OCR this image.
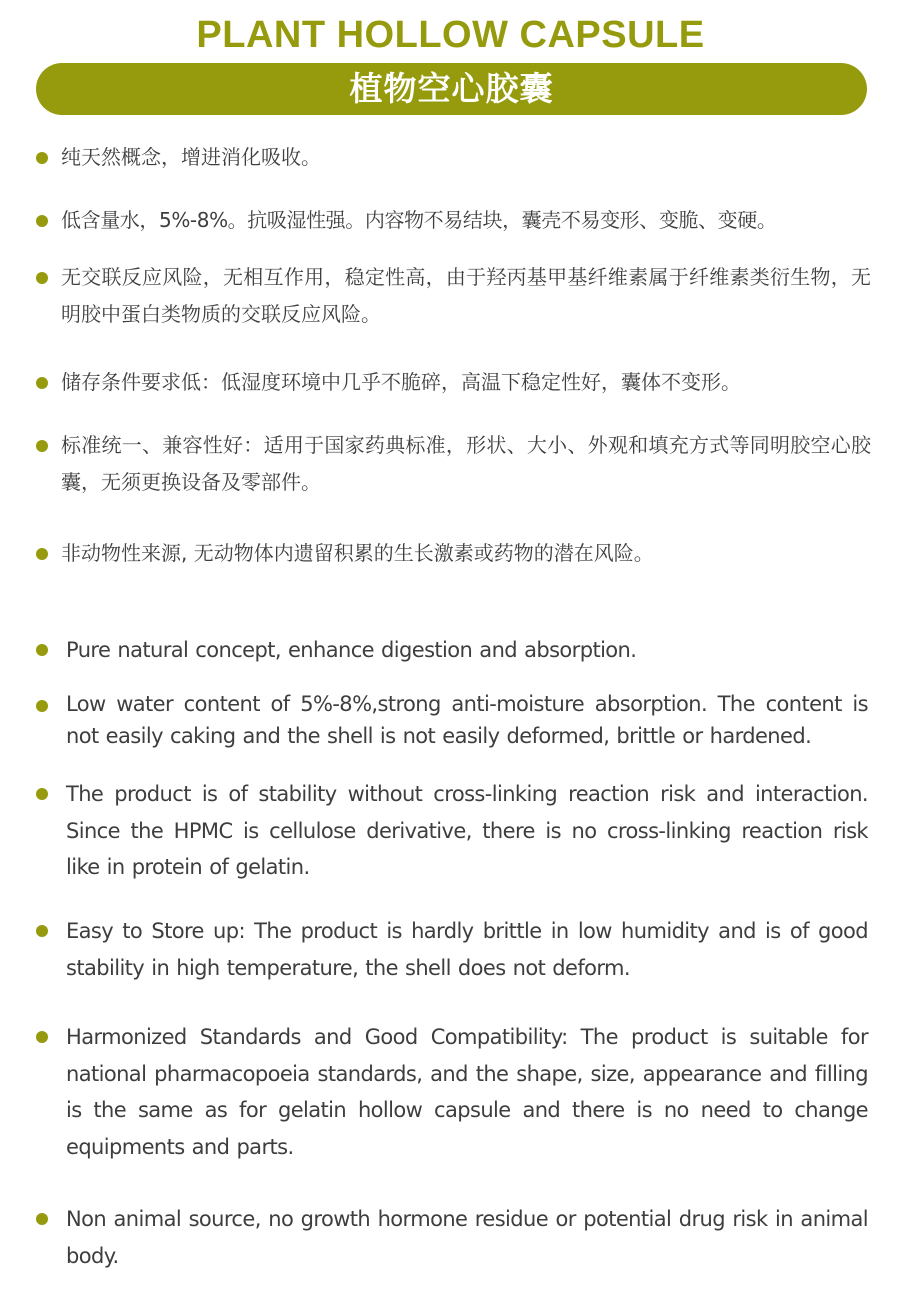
PLANT HOLLOW CAPSULE
植物空心胶囊
纯天然概念，增进消化吸收。
低含量水，5%-8%。抗吸湿性强。内容物不易结块，囊壳不易变形、变脆、变硬。
无交联反应风险，无相互作用，稳定性高，由于羟丙基甲基纤维素属于纤维素类衍生物，无明胶中蛋白类物质的交联反应风险。
储存条件要求低：低湿度环境中几乎不脆碎，高温下稳定性好，囊体不变形。
标准统一、兼容性好：适用于国家药典标准，形状、大小、外观和填充方式等同明胶空心胶囊，无须更换设备及零部件。
非动物性来源, 无动物体内遗留积累的生长激素或药物的潜在风险。
Pure natural concept, enhance digestion and absorption.
Low water content of 5%-8%,strong anti-moisture absorption. The content is not easily caking and the shell is not easily deformed, brittle or hardened.
The product is of stability without cross-linking reaction risk and interaction. Since the HPMC is cellulose derivative, there is no cross-linking reaction risk like in protein of gelatin.
Easy to Store up: The product is hardly brittle in low humidity and is of good stability in high temperature, the shell does not deform.
Harmonized Standards and Good Compatibility: The product is suitable for national pharmacopoeia standards, and the shape, size, appearance and filling is the same as for gelatin hollow capsule and there is no need to change equipments and parts.
Non animal source, no growth hormone residue or potential drug risk in animal body.
